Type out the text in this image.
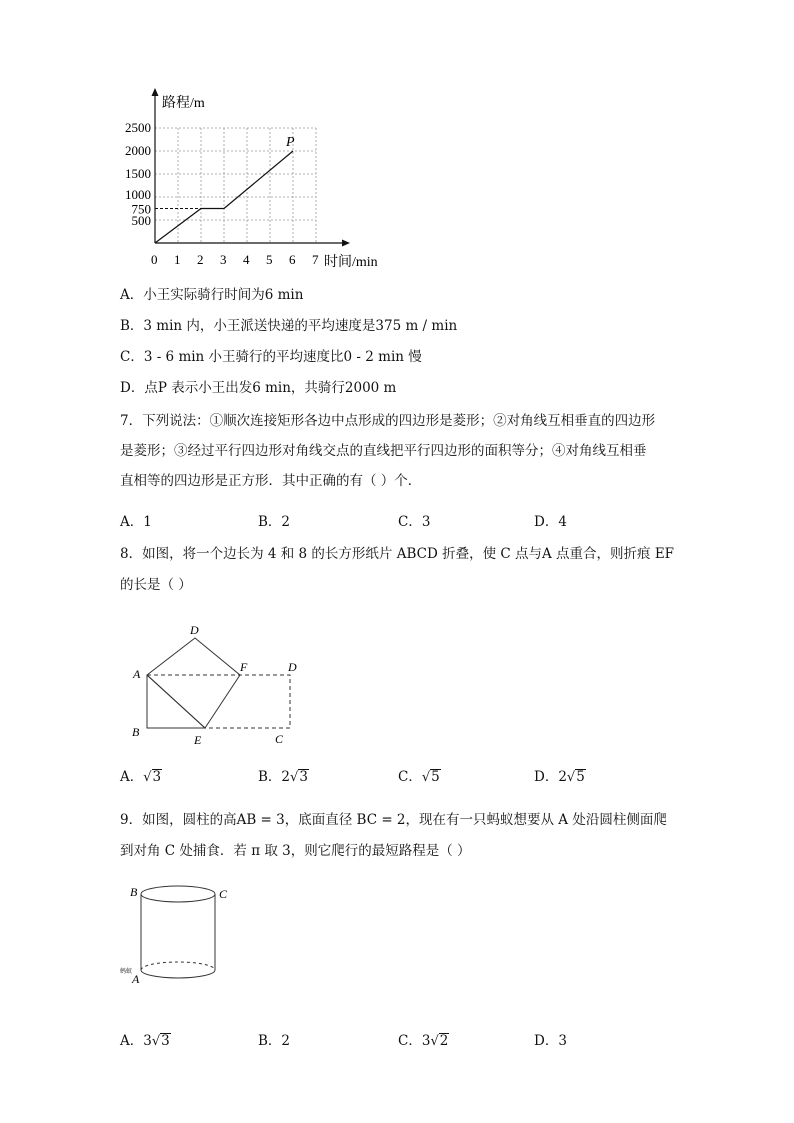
0 1 2 3 4 5 6 7
500
750
1000
1500
2000
2500
路程/m
时间/min
P
A．小王实际骑行时间为6 min
B．3 min 内，小王派送快递的平均速度是375 m / min
C．3 - 6 min 小王骑行的平均速度比0 - 2 min 慢
D．点P 表示小王出发6 min，共骑行2000 m
7．下列说法：①顺次连接矩形各边中点形成的四边形是菱形；②对角线互相垂直的四边形
是菱形；③经过平行四边形对角线交点的直线把平行四边形的面积等分；④对角线互相垂
直相等的四边形是正方形．其中正确的有（ ）个．
A．1	B．2	C．3	D．4
8．如图，将一个边长为 4 和 8 的长方形纸片 ABCD 折叠，使 C 点与A 点重合，则折痕 EF
的长是（ ）
D
A	F	D
B
E	C
A．√3	B．2√3	C．√5	D．2√5
9．如图，圆柱的高AB = 3，底面直径 BC = 2，现在有一只蚂蚁想要从 A 处沿圆柱侧面爬
到对角 C 处捕食．若 π 取 3，则它爬行的最短路程是（ ）
B	C
A
蚂蚁
A．3√3	B．2	C．3√2	D．3
